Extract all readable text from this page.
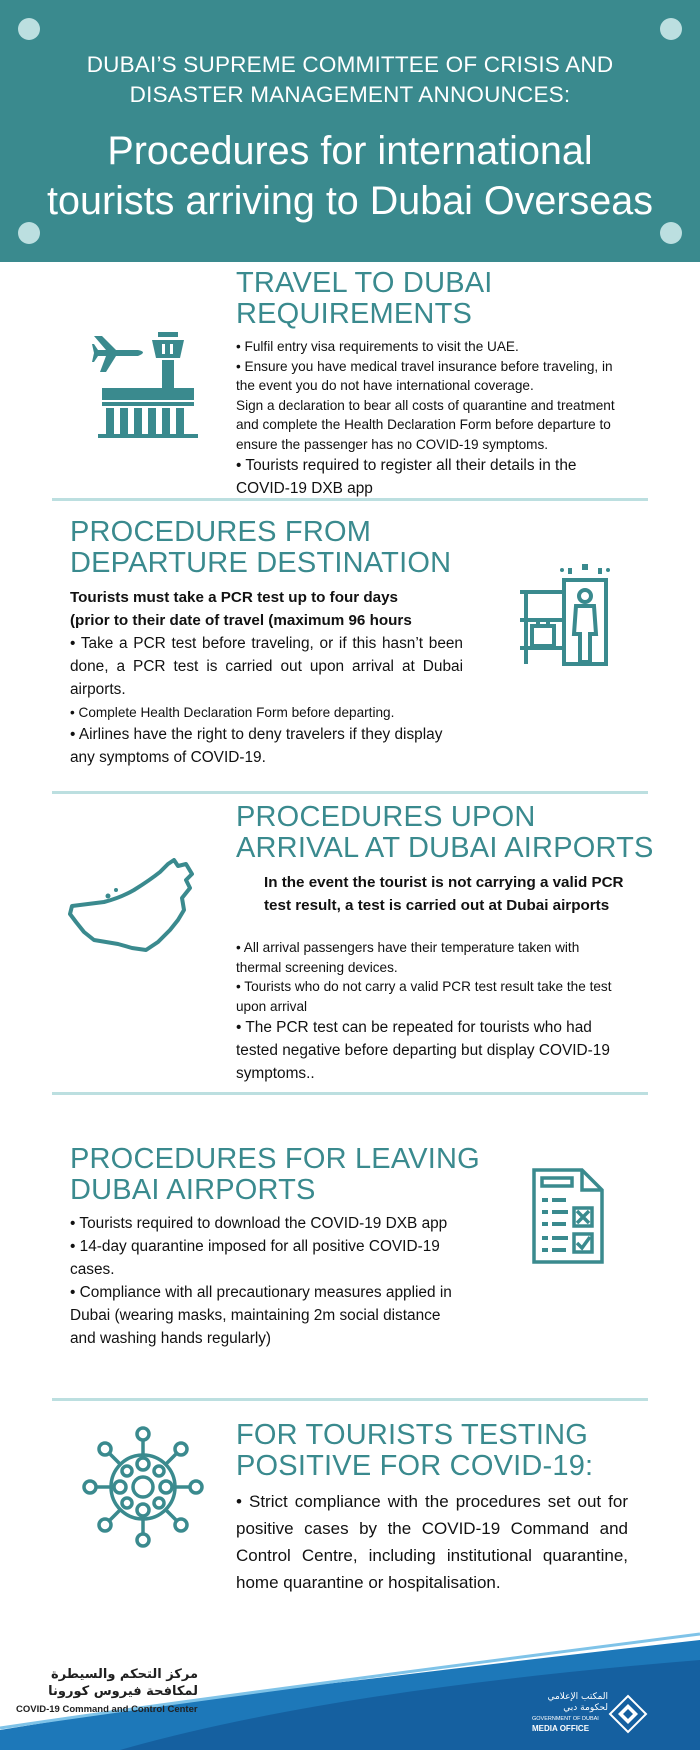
DUBAI’S SUPREME COMMITTEE OF CRISIS AND
DISASTER MANAGEMENT ANNOUNCES:
Procedures for international
tourists arriving to Dubai Overseas
TRAVEL TO DUBAI
REQUIREMENTS

• Fulfil entry visa requirements to visit the UAE.

• Ensure you have medical travel insurance before traveling, in the event you do not have international coverage.

Sign a declaration to bear all costs of quarantine and treatment and complete the Health Declaration Form before departure to ensure the passenger has no COVID-19 symptoms.

• Tourists required to register all their details in the COVID-19 DXB app

PROCEDURES FROM
DEPARTURE DESTINATION

Tourists must take a PCR test up to four days

(prior to their date of travel (maximum 96 hours

• Take a PCR test before traveling, or if this hasn’t been done, a PCR test is carried out upon arrival at Dubai airports.

• Complete Health Declaration Form before departing.

• Airlines have the right to deny travelers if they display any symptoms of COVID-19.

PROCEDURES UPON
ARRIVAL AT DUBAI AIRPORTS

In the event the tourist is not carrying a valid PCR test result, a test is carried out at Dubai airports

• All arrival passengers have their temperature taken with thermal screening devices.

• Tourists who do not carry a valid PCR test result take the test upon arrival

• The PCR test can be repeated for tourists who had tested negative before departing but display COVID-19 symptoms..

PROCEDURES FOR LEAVING
DUBAI AIRPORTS

• Tourists required to download the COVID-19 DXB app

• 14-day quarantine imposed for all positive COVID-19 cases.

• Compliance with all precautionary measures applied in Dubai (wearing masks, maintaining 2m social distance and washing hands regularly)

FOR TOURISTS TESTING
POSITIVE FOR COVID-19:

• Strict compliance with the procedures set out for positive cases by the COVID-19 Command and Control Centre, including institutional quarantine, home quarantine or hospitalisation.

مركز التحكم والسيطرة
لمكافحة فيروس كورونا
COVID-19 Command and Control Center
المكتب الإعلامي
لحكومة دبي
GOVERNMENT OF DUBAI
MEDIA OFFICE
